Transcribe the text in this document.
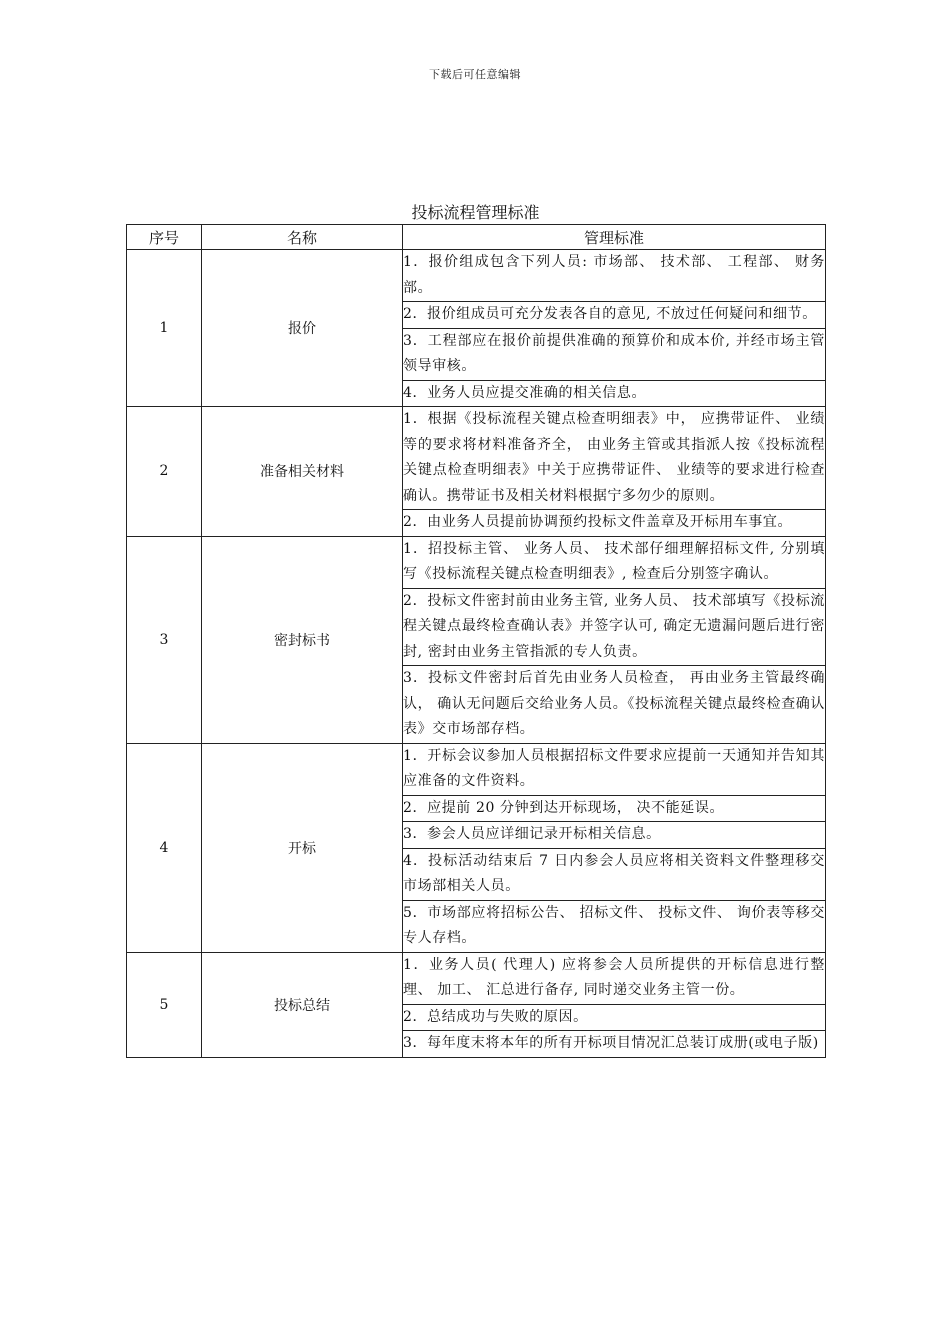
下载后可任意编辑
投标流程管理标准
序号	名称	管理标准
1	报价	1．报价组成包含下列人员: 市场部、 技术部、 工程部、 财务部。
		2．报价组成员可充分发表各自的意见, 不放过任何疑问和细节。
		3．工程部应在报价前提供准确的预算价和成本价, 并经市场主管领导审核。
		4．业务人员应提交准确的相关信息。
2	准备相关材料	1．根据《投标流程关键点检查明细表》中， 应携带证件、 业绩等的要求将材料准备齐全， 由业务主管或其指派人按《投标流程关键点检查明细表》中关于应携带证件、 业绩等的要求进行检查确认。携带证书及相关材料根据宁多勿少的原则。
		2．由业务人员提前协调预约投标文件盖章及开标用车事宜。
3	密封标书	1．招投标主管、 业务人员、 技术部仔细理解招标文件, 分别填写《投标流程关键点检查明细表》, 检查后分别签字确认。
		2．投标文件密封前由业务主管, 业务人员、 技术部填写《投标流程关键点最终检查确认表》并签字认可, 确定无遗漏问题后进行密封, 密封由业务主管指派的专人负责。
		3．投标文件密封后首先由业务人员检查， 再由业务主管最终确认， 确认无问题后交给业务人员。《投标流程关键点最终检查确认表》交市场部存档。
4	开标	1．开标会议参加人员根据招标文件要求应提前一天通知并告知其应准备的文件资料。
		2．应提前 20 分钟到达开标现场， 决不能延误。
		3．参会人员应详细记录开标相关信息。
		4．投标活动结束后 7 日内参会人员应将相关资料文件整理移交市场部相关人员。
		5．市场部应将招标公告、 招标文件、 投标文件、 询价表等移交专人存档。
5	投标总结	1．业务人员( 代理人) 应将参会人员所提供的开标信息进行整理、 加工、 汇总进行备存, 同时递交业务主管一份。
		2．总结成功与失败的原因。
		3．每年度末将本年的所有开标项目情况汇总装订成册(或电子版)
